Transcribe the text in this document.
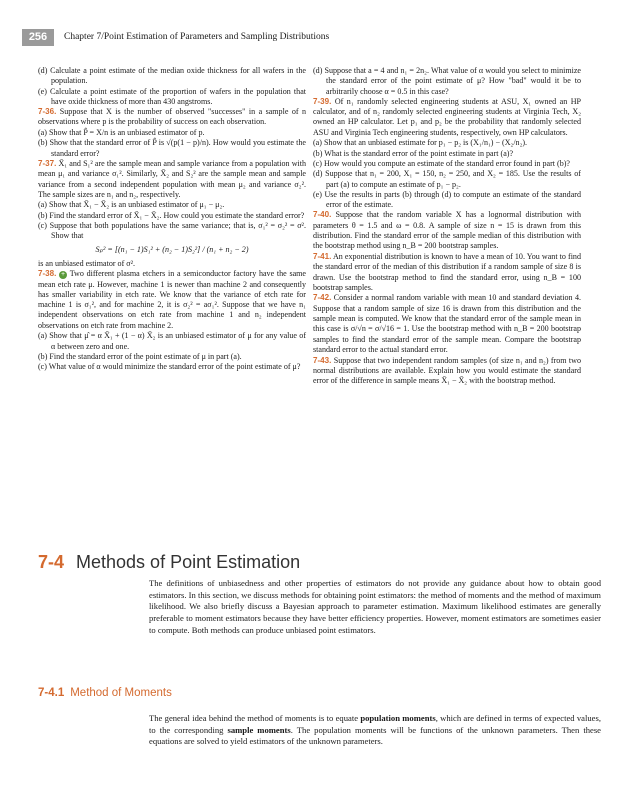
256	Chapter 7/Point Estimation of Parameters and Sampling Distributions

(d) Calculate a point estimate of the median oxide thickness for all wafers in the population.

(e) Calculate a point estimate of the proportion of wafers in the population that have oxide thickness of more than 430 angstroms.

7-36. Suppose that X is the number of observed "successes" in a sample of n observations where p is the probability of success on each observation.

(a) Show that P̂ = X/n is an unbiased estimator of p.

(b) Show that the standard error of P̂ is √(p(1 − p)/n). How would you estimate the standard error?

7-37. X̄₁ and S₁² are the sample mean and sample variance from a population with mean μ₁ and variance σ₁². Similarly, X̄₂ and S₂² are the sample mean and sample variance from a second independent population with mean μ₂ and variance σ₂². The sample sizes are n₁ and n₂, respectively.

(a) Show that X̄₁ − X̄₂ is an unbiased estimator of μ₁ − μ₂.

(b) Find the standard error of X̄₁ − X̄₂. How could you estimate the standard error?

(c) Suppose that both populations have the same variance; that is, σ₁² = σ₂² = σ². Show that

Sₚ² = [(n₁ − 1)S₁² + (n₂ − 1)S₂²] / (n₁ + n₂ − 2)

is an unbiased estimator of σ².

7-38. + Two different plasma etchers in a semiconductor factory have the same mean etch rate μ. However, machine 1 is newer than machine 2 and consequently has smaller variability in etch rate. We know that the variance of etch rate for machine 1 is σ₁², and for machine 2, it is σ₂² = aσ₁². Suppose that we have n₁ independent observations on etch rate from machine 1 and n₂ independent observations on etch rate from machine 2.

(a) Show that μ̂ = α X̄₁ + (1 − α) X̄₂ is an unbiased estimator of μ for any value of α between zero and one.

(b) Find the standard error of the point estimate of μ in part (a).

(c) What value of α would minimize the standard error of the point estimate of μ?

(d) Suppose that a = 4 and n₁ = 2n₂. What value of α would you select to minimize the standard error of the point estimate of μ? How "bad" would it be to arbitrarily choose α = 0.5 in this case?

7-39. Of n₁ randomly selected engineering students at ASU, X₁ owned an HP calculator, and of n₂ randomly selected engineering students at Virginia Tech, X₂ owned an HP calculator. Let p₁ and p₂ be the probability that randomly selected ASU and Virginia Tech engineering students, respectively, own HP calculators.

(a) Show that an unbiased estimate for p₁ − p₂ is (X₁/n₁) − (X₂/n₂).

(b) What is the standard error of the point estimate in part (a)?

(c) How would you compute an estimate of the standard error found in part (b)?

(d) Suppose that n₁ = 200, X₁ = 150, n₂ = 250, and X₂ = 185. Use the results of part (a) to compute an estimate of p₁ − p₂.

(e) Use the results in parts (b) through (d) to compute an estimate of the standard error of the estimate.

7-40. Suppose that the random variable X has a lognormal distribution with parameters θ = 1.5 and ω = 0.8. A sample of size n = 15 is drawn from this distribution. Find the standard error of the sample median of this distribution with the bootstrap method using n_B = 200 bootstrap samples.

7-41. An exponential distribution is known to have a mean of 10. You want to find the standard error of the median of this distribution if a random sample of size 8 is drawn. Use the bootstrap method to find the standard error, using n_B = 100 bootstrap samples.

7-42. Consider a normal random variable with mean 10 and standard deviation 4. Suppose that a random sample of size 16 is drawn from this distribution and the sample mean is computed. We know that the standard error of the sample mean in this case is σ/√n = σ/√16 = 1. Use the bootstrap method with n_B = 200 bootstrap samples to find the standard error of the sample mean. Compare the bootstrap standard error to the actual standard error.

7-43. Suppose that two independent random samples (of size n₁ and n₂) from two normal distributions are available. Explain how you would estimate the standard error of the difference in sample means X̄₁ − X̄₂ with the bootstrap method.

7-4 Methods of Point Estimation
The definitions of unbiasedness and other properties of estimators do not provide any guidance about how to obtain good estimators. In this section, we discuss methods for obtaining point estimators: the method of moments and the method of maximum likelihood. We also briefly discuss a Bayesian approach to parameter estimation. Maximum likelihood estimates are generally preferable to moment estimators because they have better efficiency properties. However, moment estimators are sometimes easier to compute. Both methods can produce unbiased point estimators.
7-4.1 Method of Moments
The general idea behind the method of moments is to equate population moments, which are defined in terms of expected values, to the corresponding sample moments. The population moments will be functions of the unknown parameters. Then these equations are solved to yield estimators of the unknown parameters.
